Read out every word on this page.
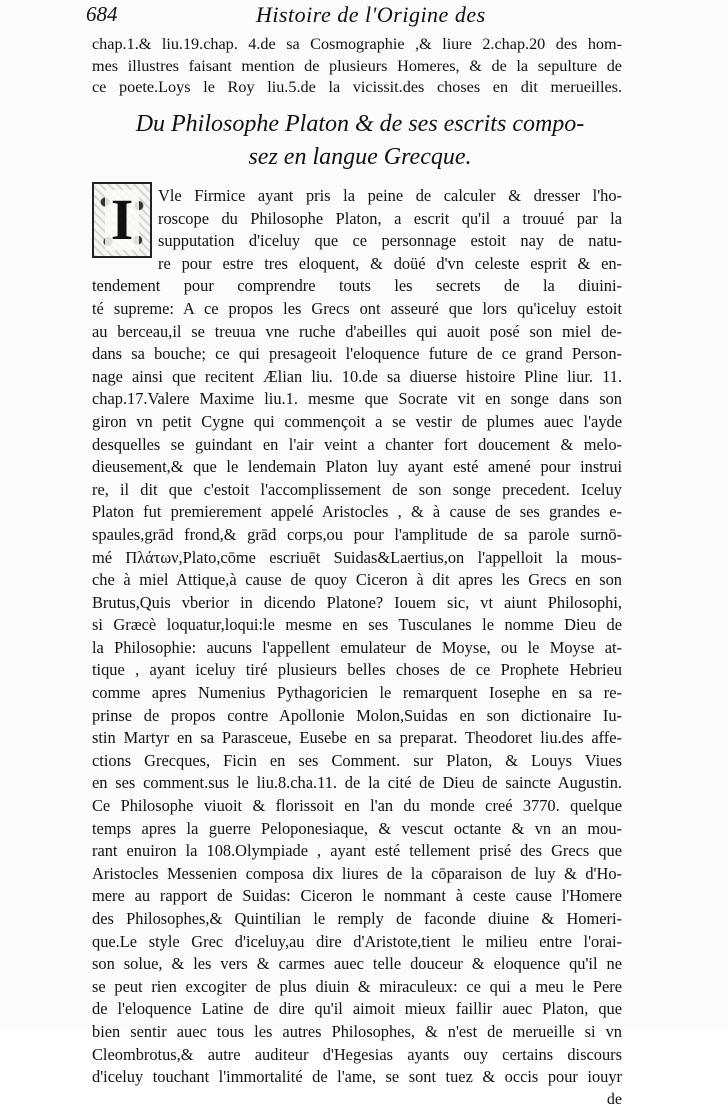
684	Histoire de l'Origine des
chap.1.& liu.19.chap. 4.de sa Cosmographie ,& liure 2.chap.20 des hom-
mes illustres faisant mention de plusieurs Homeres, & de la sepulture de
ce poete.Loys le Roy liu.5.de la vicissit.des choses en dit merueilles.
Du Philosophe Platon & de ses escrits compo-
sez en langue Grecque.
I	Vle Firmice ayant pris la peine de calculer & dresser l'ho-
roscope du Philosophe Platon, a escrit qu'il a trouué par la
supputation d'iceluy que ce personnage estoit nay de natu-
re pour estre tres eloquent, & doüé d'vn celeste esprit & en-
tendement pour comprendre touts les secrets de la diuini-
té supreme: A ce propos les Grecs ont asseuré que lors qu'iceluy estoit
au berceau,il se treuua vne ruche d'abeilles qui auoit posé son miel de-
dans sa bouche; ce qui presageoit l'eloquence future de ce grand Person-
nage ainsi que recitent Ælian liu. 10.de sa diuerse histoire Pline liur. 11.
chap.17.Valere Maxime liu.1. mesme que Socrate vit en songe dans son
giron vn petit Cygne qui commençoit a se vestir de plumes auec l'ayde
desquelles se guindant en l'air veint a chanter fort doucement & melo-
dieusement,& que le lendemain Platon luy ayant esté amené pour instrui
re, il dit que c'estoit l'accomplissement de son songe precedent. Iceluy
Platon fut premierement appelé Aristocles , & à cause de ses grandes e-
spaules,grād frond,& grād corps,ou pour l'amplitude de sa parole surnō-
mé Πλάτων,Plato,cōme escriuēt Suidas&Laertius,on l'appelloit la mous-
che à miel Attique,à cause de quoy Ciceron à dit apres les Grecs en son
Brutus,Quis vberior in dicendo Platone? Iouem sic, vt aiunt Philosophi,
si Græcè loquatur,loqui:le mesme en ses Tusculanes le nomme Dieu de
la Philosophie: aucuns l'appellent emulateur de Moyse, ou le Moyse at-
tique , ayant iceluy tiré plusieurs belles choses de ce Prophete Hebrieu
comme apres Numenius Pythagoricien le remarquent Iosephe en sa re-
prinse de propos contre Apollonie Molon,Suidas en son dictionaire Iu-
stin Martyr en sa Parasceue, Eusebe en sa preparat. Theodoret liu.des affe-
ctions Grecques, Ficin en ses Comment. sur Platon, & Louys Viues
en ses comment.sus le liu.8.cha.11. de la cité de Dieu de saincte Augustin.
Ce Philosophe viuoit & florissoit en l'an du monde creé 3770. quelque
temps apres la guerre Peloponesiaque, & vescut octante & vn an mou-
rant enuiron la 108.Olympiade , ayant esté tellement prisé des Grecs que
Aristocles Messenien composa dix liures de la cōparaison de luy & d'Ho-
mere au rapport de Suidas: Ciceron le nommant à ceste cause l'Homere
des Philosophes,& Quintilian le remply de faconde diuine & Homeri-
que.Le style Grec d'iceluy,au dire d'Aristote,tient le milieu entre l'orai-
son solue, & les vers & carmes auec telle douceur & eloquence qu'il ne
se peut rien excogiter de plus diuin & miraculeux: ce qui a meu le Pere
de l'eloquence Latine de dire qu'il aimoit mieux faillir auec Platon, que
bien sentir auec tous les autres Philosophes, & n'est de merueille si vn
Cleombrotus,& autre auditeur d'Hegesias ayants ouy certains discours
d'iceluy touchant l'immortalité de l'ame, se sont tuez & occis pour iouyr
de
